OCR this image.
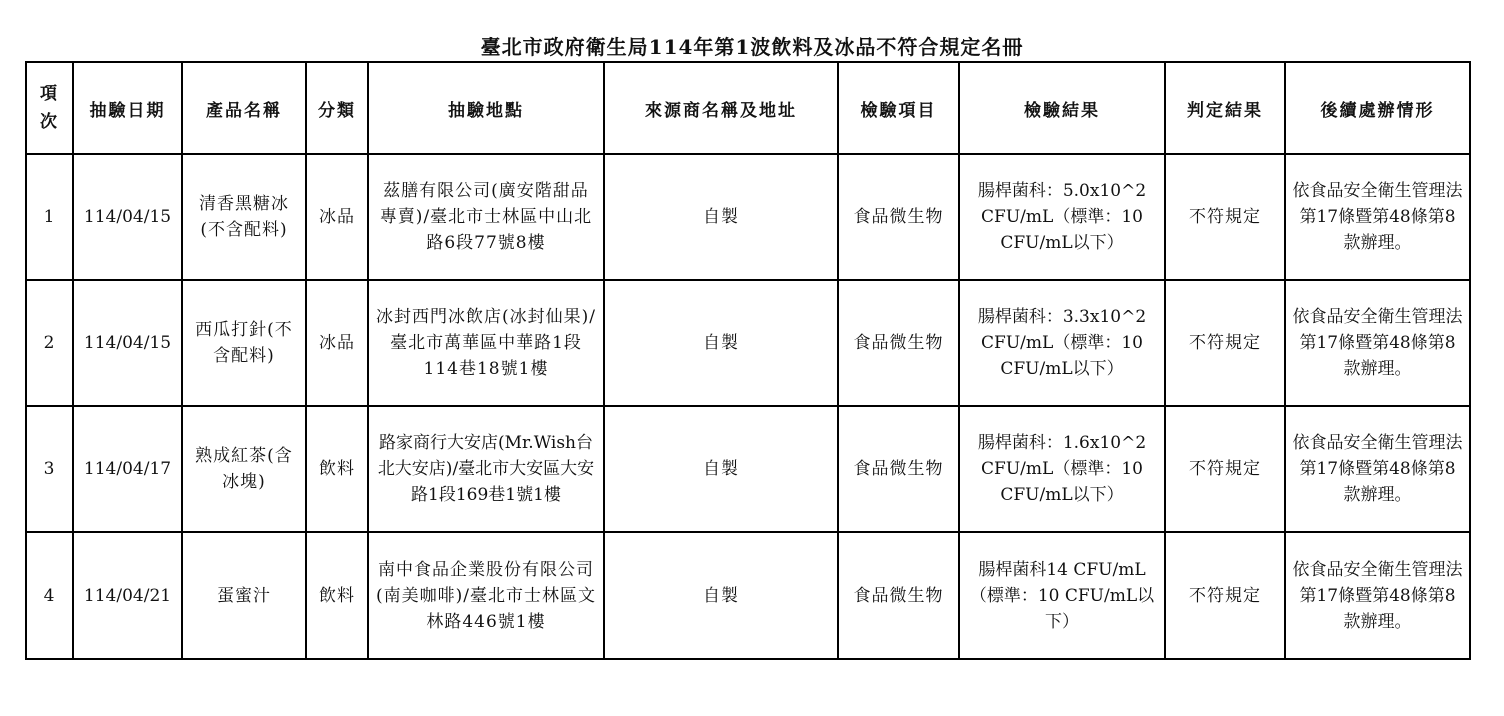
臺北市政府衛生局114年第1波飲料及冰品不符合規定名冊
項次	抽驗日期	產品名稱	分類	抽驗地點	來源商名稱及地址	檢驗項目	檢驗結果	判定結果	後續處辦情形
1	114/04/15	清香黑糖冰(不含配料)	冰品	茲膳有限公司(廣安階甜品專賣)/臺北市士林區中山北路6段77號8樓	自製	食品微生物	腸桿菌科：5.0x10^2 CFU/mL（標準：10 CFU/mL以下）	不符規定	依食品安全衛生管理法第17條暨第48條第8款辦理。
2	114/04/15	西瓜打針(不含配料)	冰品	冰封西門冰飲店(冰封仙果)/臺北市萬華區中華路1段114巷18號1樓	自製	食品微生物	腸桿菌科：3.3x10^2 CFU/mL（標準：10 CFU/mL以下）	不符規定	依食品安全衛生管理法第17條暨第48條第8款辦理。
3	114/04/17	熟成紅茶(含冰塊)	飲料	路家商行大安店(Mr.Wish台北大安店)/臺北市大安區大安路1段169巷1號1樓	自製	食品微生物	腸桿菌科：1.6x10^2 CFU/mL（標準：10 CFU/mL以下）	不符規定	依食品安全衛生管理法第17條暨第48條第8款辦理。
4	114/04/21	蛋蜜汁	飲料	南中食品企業股份有限公司(南美咖啡)/臺北市士林區文林路446號1樓	自製	食品微生物	腸桿菌科14 CFU/mL（標準：10 CFU/mL以下）	不符規定	依食品安全衛生管理法第17條暨第48條第8款辦理。
